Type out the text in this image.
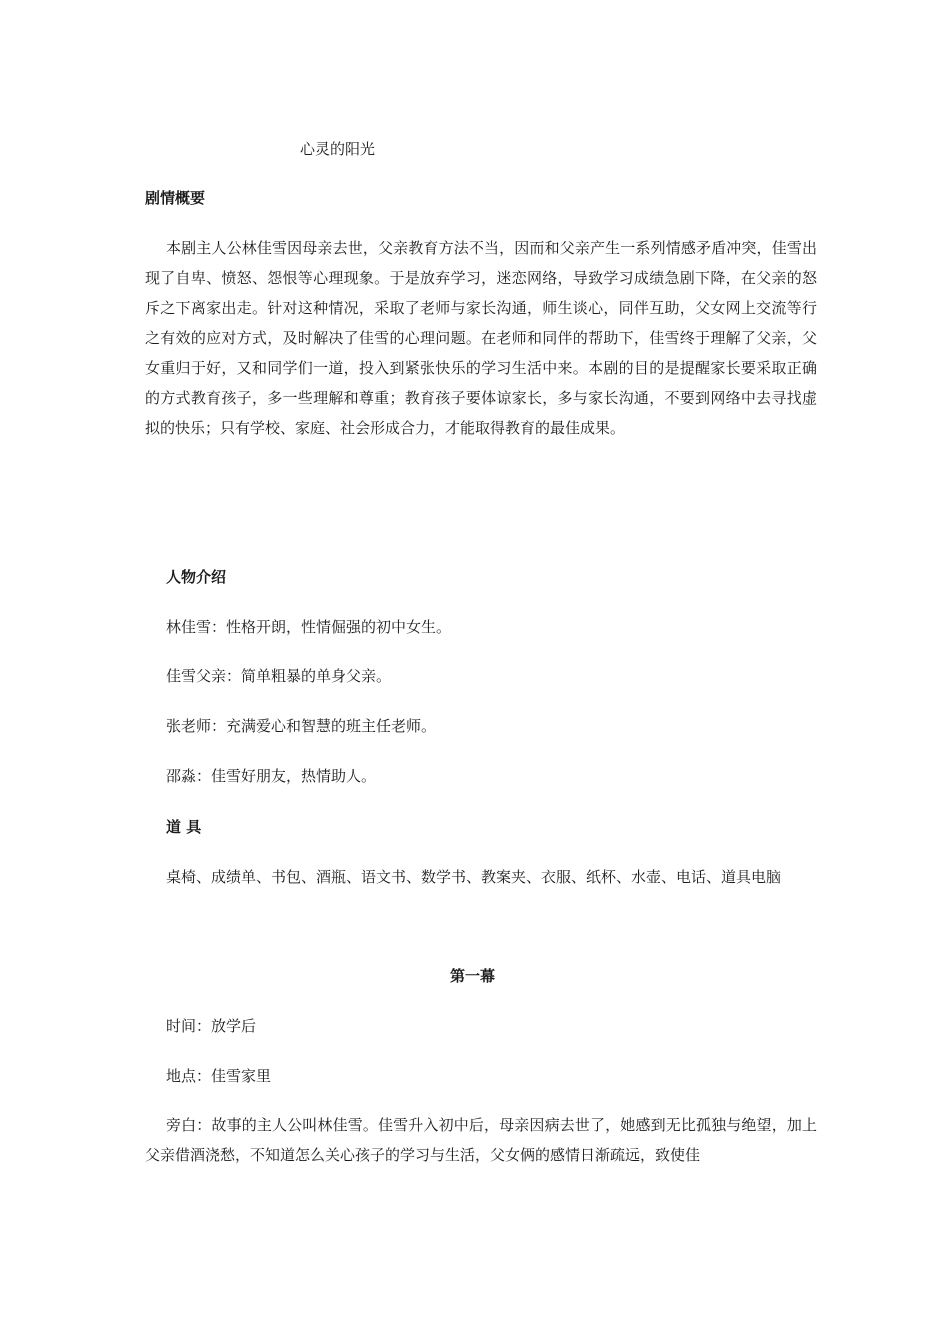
心灵的阳光
剧情概要
本剧主人公林佳雪因母亲去世，父亲教育方法不当，因而和父亲产生一系列情感矛盾冲突，佳雪出现了自卑、愤怒、怨恨等心理现象。于是放弃学习，迷恋网络，导致学习成绩急剧下降，在父亲的怒斥之下离家出走。针对这种情况，采取了老师与家长沟通，师生谈心，同伴互助，父女网上交流等行之有效的应对方式，及时解决了佳雪的心理问题。在老师和同伴的帮助下，佳雪终于理解了父亲，父女重归于好，又和同学们一道，投入到紧张快乐的学习生活中来。本剧的目的是提醒家长要采取正确的方式教育孩子，多一些理解和尊重；教育孩子要体谅家长，多与家长沟通，不要到网络中去寻找虚拟的快乐；只有学校、家庭、社会形成合力，才能取得教育的最佳成果。
人物介绍
林佳雪：性格开朗，性情倔强的初中女生。
佳雪父亲：简单粗暴的单身父亲。
张老师：充满爱心和智慧的班主任老师。
邵淼：佳雪好朋友，热情助人。
道 具
桌椅、成绩单、书包、酒瓶、语文书、数学书、教案夹、衣服、纸杯、水壶、电话、道具电脑
第一幕
时间：放学后
地点：佳雪家里
旁白：故事的主人公叫林佳雪。佳雪升入初中后，母亲因病去世了，她感到无比孤独与绝望，加上父亲借酒浇愁，不知道怎么关心孩子的学习与生活，父女俩的感情日渐疏远，致使佳
